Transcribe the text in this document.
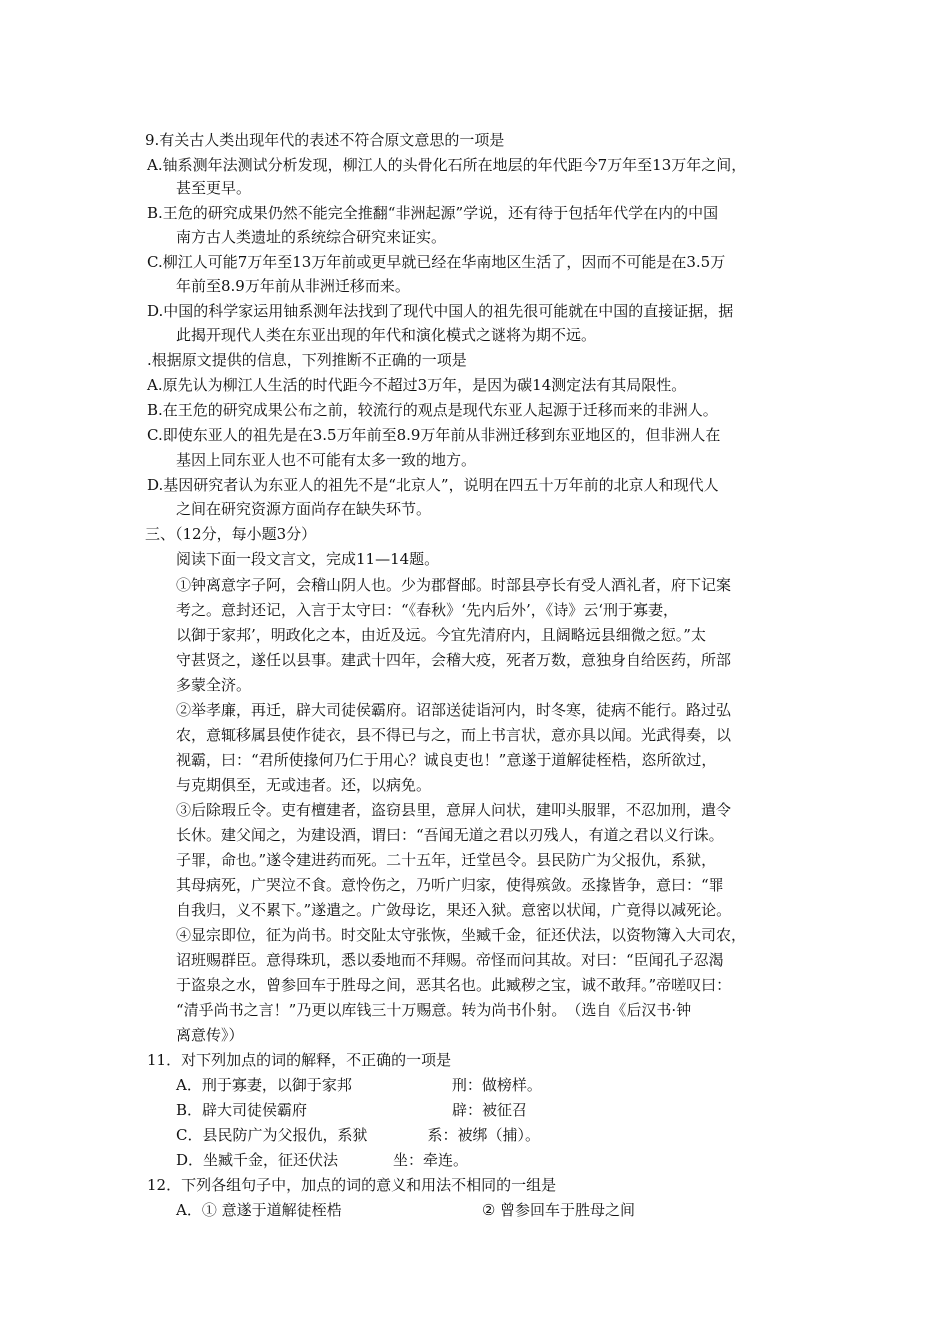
9.有关古人类出现年代的表述不符合原文意思的一项是
A.铀系测年法测试分析发现，柳江人的头骨化石所在地层的年代距今7万年至13万年之间，
甚至更早。
B.王危的研究成果仍然不能完全推翻“非洲起源”学说，还有待于包括年代学在内的中国
南方古人类遗址的系统综合研究来证实。
C.柳江人可能7万年至13万年前或更早就已经在华南地区生活了，因而不可能是在3.5万
年前至8.9万年前从非洲迁移而来。
D.中国的科学家运用铀系测年法找到了现代中国人的祖先很可能就在中国的直接证据，据
此揭开现代人类在东亚出现的年代和演化模式之谜将为期不远。
.根据原文提供的信息，下列推断不正确的一项是
A.原先认为柳江人生活的时代距今不超过3万年，是因为碳14测定法有其局限性。
B.在王危的研究成果公布之前，较流行的观点是现代东亚人起源于迁移而来的非洲人。
C.即使东亚人的祖先是在3.5万年前至8.9万年前从非洲迁移到东亚地区的，但非洲人在
基因上同东亚人也不可能有太多一致的地方。
D.基因研究者认为东亚人的祖先不是“北京人”，说明在四五十万年前的北京人和现代人
之间在研究资源方面尚存在缺失环节。
三、（12分，每小题3分）
阅读下面一段文言文，完成11—14题。
①钟离意字子阿，会稽山阴人也。少为郡督邮。时部县亭长有受人酒礼者，府下记案
考之。意封还记，入言于太守曰：“《春秋》‘先内后外’，《诗》云‘刑于寡妻，
以御于家邦’，明政化之本，由近及远。今宜先清府内，且阔略远县细微之愆。”太
守甚贤之，遂任以县事。建武十四年，会稽大疫，死者万数，意独身自给医药，所部
多蒙全济。
②举孝廉，再迁，辟大司徒侯霸府。诏部送徒诣河内，时冬寒，徒病不能行。路过弘
农，意辄移属县使作徒衣，县不得已与之，而上书言状，意亦具以闻。光武得奏，以
视霸，曰：“君所使掾何乃仁于用心？诚良吏也！”意遂于道解徒桎梏，恣所欲过，
与克期俱至，无或违者。还，以病免。
③后除瑕丘令。吏有檀建者，盗窃县里，意屏人问状，建叩头服罪，不忍加刑，遣令
长休。建父闻之，为建设酒，谓曰：“吾闻无道之君以刃残人，有道之君以义行诛。
子罪，命也。”遂令建进药而死。二十五年，迁堂邑令。县民防广为父报仇，系狱，
其母病死，广哭泣不食。意怜伤之，乃听广归家，使得殡敛。丞掾皆争，意曰：“罪
自我归，义不累下。”遂遣之。广敛母讫，果还入狱。意密以状闻，广竟得以减死论。
④显宗即位，征为尚书。时交阯太守张恢，坐臧千金，征还伏法，以资物簿入大司农，
诏班赐群臣。意得珠玑，悉以委地而不拜赐。帝怪而问其故。对曰：“臣闻孔子忍渴
于盗泉之水，曾参回车于胜母之间，恶其名也。此臧秽之宝，诚不敢拜。”帝嗟叹曰：
“清乎尚书之言！”乃更以库钱三十万赐意。转为尚书仆射。　（选自《后汉书·钟
离意传》）
11．对下列加点的词的解释，不正确的一项是
A．刑于寡妻，以御于家邦	刑：做榜样。
B．辟大司徒侯霸府	辟：被征召
C．县民防广为父报仇，系狱	系：被绑（捕）。
D．坐臧千金，征还伏法	坐：牵连。
12．下列各组句子中，加点的词的意义和用法不相同的一组是
A．① 意遂于道解徒桎梏	② 曾参回车于胜母之间
